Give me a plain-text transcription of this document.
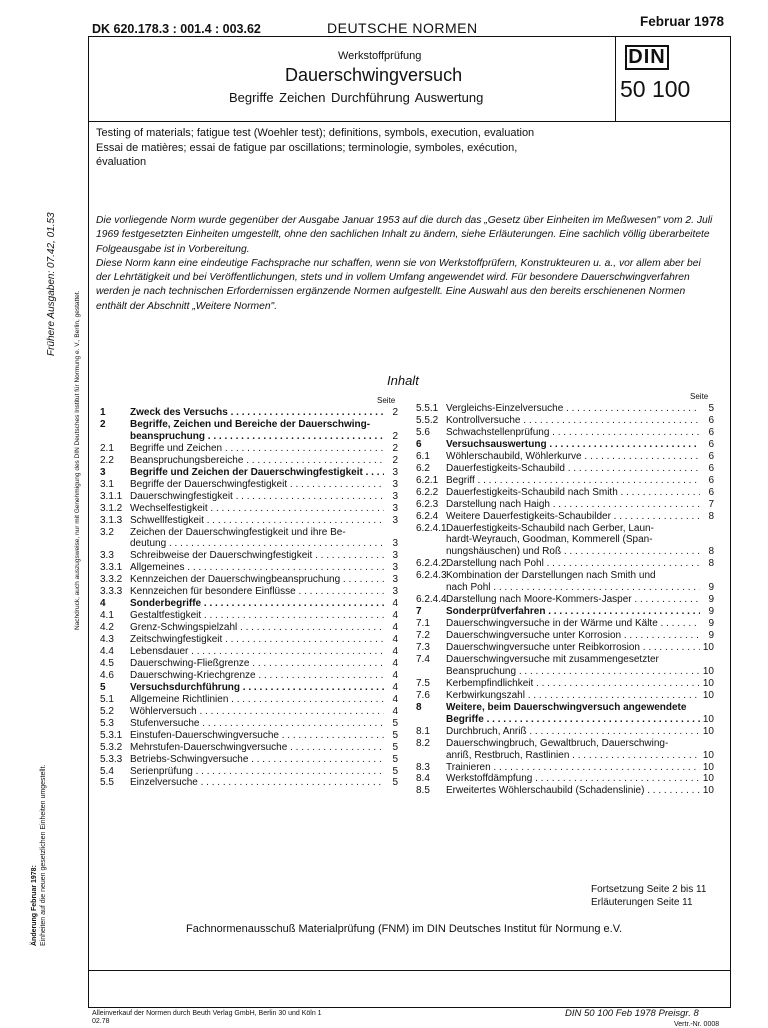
DK 620.178.3 : 001.4 : 003.62	DEUTSCHE NORMEN	Februar 1978
Frühere Ausgaben: 07.42, 01.53
Nachdruck, auch auszugsweise, nur mit Genehmigung des DIN Deutsches Institut für Normung e. V., Berlin, gestattet.
Änderung Februar 1978: Einheiten auf die neuen gesetzlichen Einheiten umgestellt.
Werkstoffprüfung
Dauerschwingversuch
Begriffe Zeichen Durchführung Auswertung
DIN
50 100
Testing of materials; fatigue test (Woehler test); definitions, symbols, execution, evaluation
Essai de matières; essai de fatigue par oscillations; terminologie, symboles, exécution,
évaluation

Die vorliegende Norm wurde gegenüber der Ausgabe Januar 1953 auf die durch das „Gesetz über Einheiten im Meßwesen" vom 2. Juli 1969 festgesetzten Einheiten umgestellt, ohne den sachlichen Inhalt zu ändern, siehe Erläuterungen. Eine sachlich völlig überarbeitete Folgeausgabe ist in Vorbereitung.

Diese Norm kann eine eindeutige Fachsprache nur schaffen, wenn sie von Werkstoffprüfern, Konstrukteuren u. a., vor allem aber bei der Lehrtätigkeit und bei Veröffentlichungen, stets und in vollem Umfang angewendet wird. Für besondere Dauerschwingverfahren werden je nach technischen Erfordernissen ergänzende Normen aufgestellt. Eine Auswahl aus den bereits erschienenen Normen enthält der Abschnitt „Weitere Normen".

Inhalt
Seite	Seite
1 Zweck des Versuchs . . .	2
2 Begriffe, Zeichen und Bereiche der Dauerschwing-
beanspruchung . . .	2
2.1 Begriffe und Zeichen . . .	2
2.2 Beanspruchungsbereiche . . .	2
3 Begriffe und Zeichen der Dauerschwingfestigkeit . . .	3
3.1 Begriffe der Dauerschwingfestigkeit . . .	3
3.1.1 Dauerschwingfestigkeit . . .	3
3.1.2 Wechselfestigkeit . . .	3
3.1.3 Schwellfestigkeit . . .	3
3.2 Zeichen der Dauerschwingfestigkeit und ihre Be-
deutung . . .	3
3.3 Schreibweise der Dauerschwingfestigkeit . . .	3
3.3.1 Allgemeines . . .	3
3.3.2 Kennzeichen der Dauerschwingbeanspruchung . . .	3
3.3.3 Kennzeichen für besondere Einflüsse . . .	3
4 Sonderbegriffe . . .	4
4.1 Gestaltfestigkeit . . .	4
4.2 Grenz-Schwingspielzahl . . .	4
4.3 Zeitschwingfestigkeit . . .	4
4.4 Lebensdauer . . .	4
4.5 Dauerschwing-Fließgrenze . . .	4
4.6 Dauerschwing-Kriechgrenze . . .	4
5 Versuchsdurchführung . . .	4
5.1 Allgemeine Richtlinien . . .	4
5.2 Wöhlerversuch . . .	4
5.3 Stufenversuche . . .	5
5.3.1 Einstufen-Dauerschwingversuche . . .	5
5.3.2 Mehrstufen-Dauerschwingversuche . . .	5
5.3.3 Betriebs-Schwingversuche . . .	5
5.4 Serienprüfung . . .	5
5.5 Einzelversuche . . .	5
5.5.1 Vergleichs-Einzelversuche . . .	5
5.5.2 Kontrollversuche . . .	6
5.6 Schwachstellenprüfung . . .	6
6 Versuchsauswertung . . .	6
6.1 Wöhlerschaubild, Wöhlerkurve . . .	6
6.2 Dauerfestigkeits-Schaubild . . .	6
6.2.1 Begriff . . .	6
6.2.2 Dauerfestigkeits-Schaubild nach Smith . . .	6
6.2.3 Darstellung nach Haigh . . .	7
6.2.4 Weitere Dauerfestigkeits-Schaubilder . . .	8
6.2.4.1 Dauerfestigkeits-Schaubild nach Gerber, Laun-
hardt-Weyrauch, Goodman, Kommerell (Span-
nungshäuschen) und Roß . . .	8
6.2.4.2 Darstellung nach Pohl . . .	8
6.2.4.3 Kombination der Darstellungen nach Smith und
nach Pohl . . .	9
6.2.4.4 Darstellung nach Moore-Kommers-Jasper . . .	9
7 Sonderprüfverfahren . . .	9
7.1 Dauerschwingversuche in der Wärme und Kälte . . .	9
7.2 Dauerschwingversuche unter Korrosion . . .	9
7.3 Dauerschwingversuche unter Reibkorrosion . . .	10
7.4 Dauerschwingversuche mit zusammengesetzter
Beanspruchung . . .	10
7.5 Kerbempfindlichkeit . . .	10
7.6 Kerbwirkungszahl . . .	10
8 Weitere, beim Dauerschwingversuch angewendete
Begriffe . . .	10
8.1 Durchbruch, Anriß . . .	10
8.2 Dauerschwingbruch, Gewaltbruch, Dauerschwing-
anriß, Restbruch, Rastlinien . . .	10
8.3 Trainieren . . .	10
8.4 Werkstoffdämpfung . . .	10
8.5 Erweitertes Wöhlerschaubild (Schadenslinie) . . .	10
Fortsetzung Seite 2 bis 11
Erläuterungen Seite 11
Fachnormenausschuß Materialprüfung (FNM) im DIN Deutsches Institut für Normung e.V.
Alleinverkauf der Normen durch Beuth Verlag GmbH, Berlin 30 und Köln 1
02.78
DIN 50 100 Feb 1978 Preisgr. 8
Vertr.-Nr. 0008
